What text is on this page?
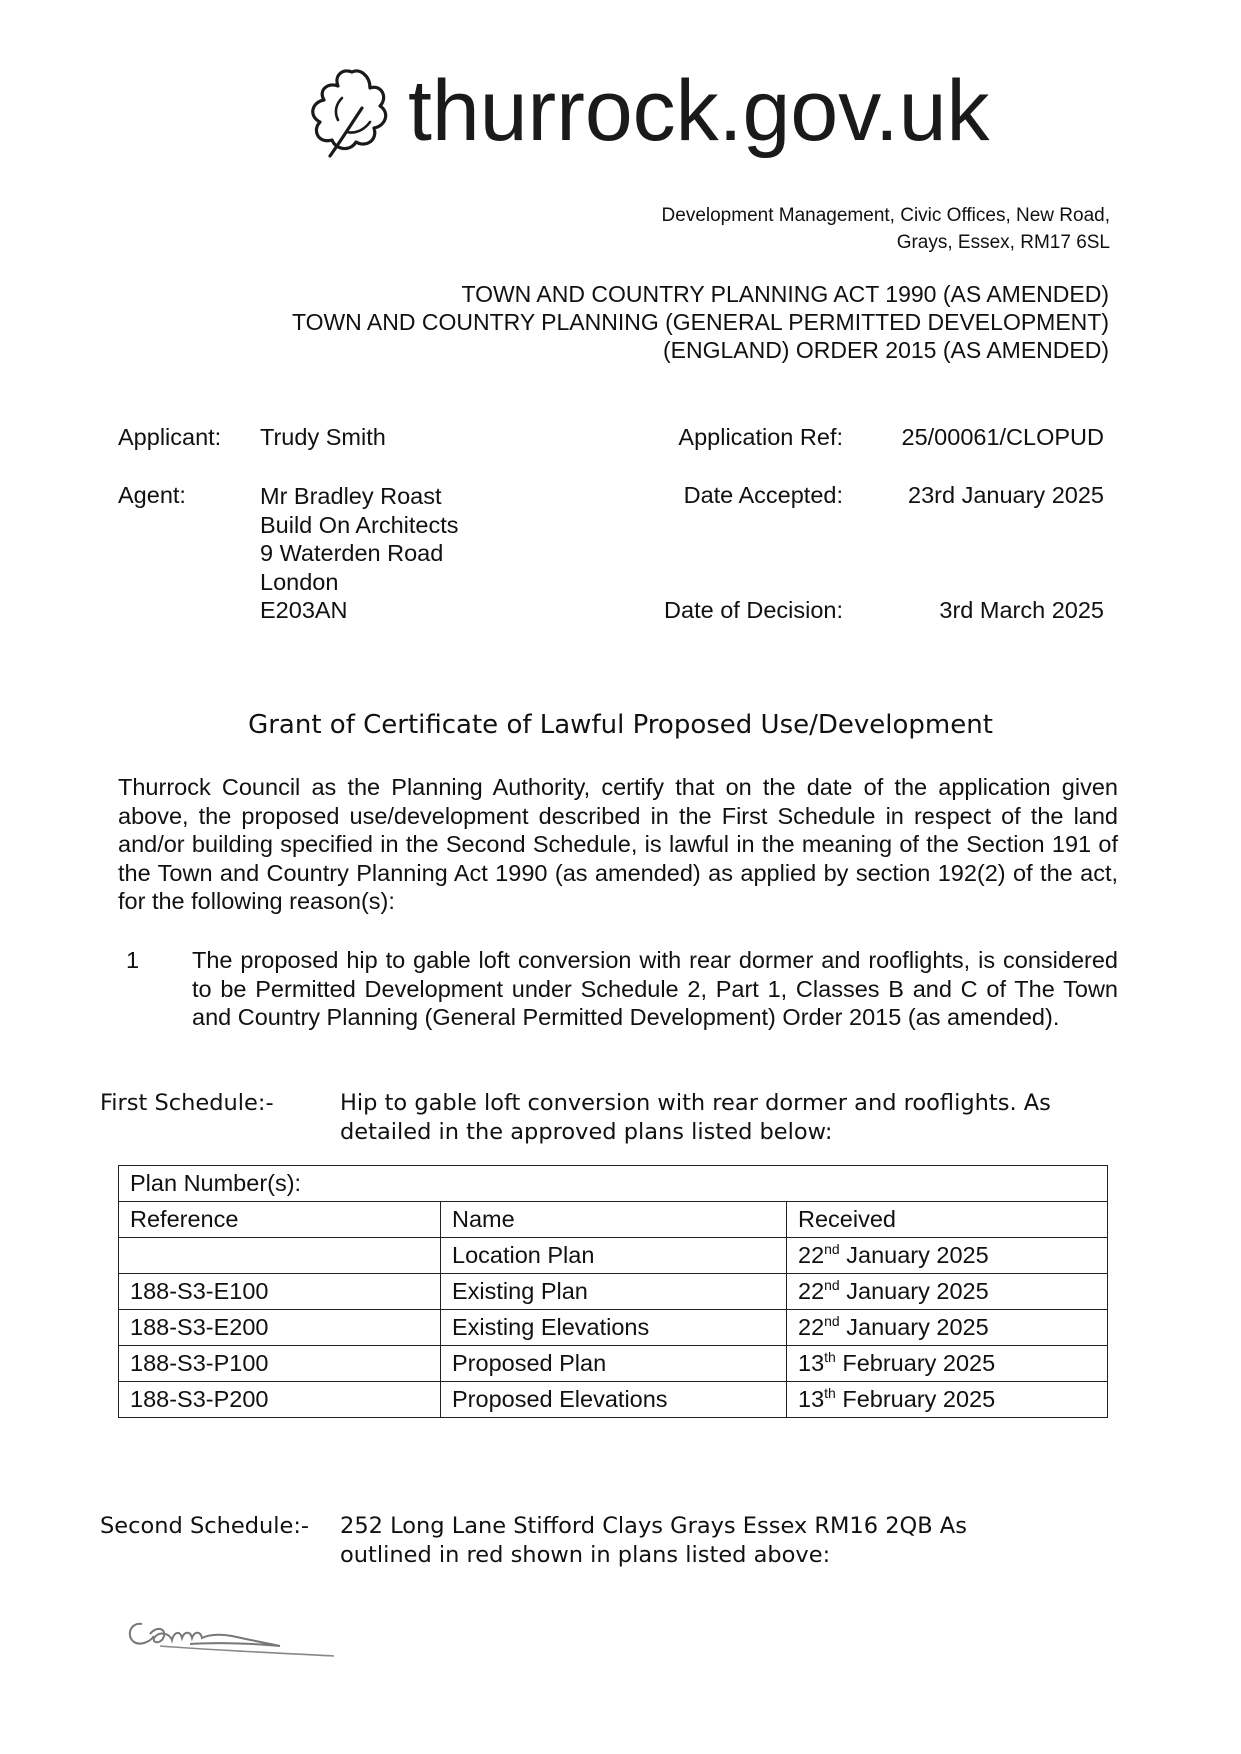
thurrock.gov.uk
Development Management, Civic Offices, New Road,
Grays, Essex, RM17 6SL
TOWN AND COUNTRY PLANNING ACT 1990 (AS AMENDED)
TOWN AND COUNTRY PLANNING (GENERAL PERMITTED DEVELOPMENT)
(ENGLAND) ORDER 2015 (AS AMENDED)
Applicant: Trudy Smith
Agent:	Mr Bradley Roast
Build On Architects
9 Waterden Road
London
E203AN
Application Ref: 25/00061/CLOPUD
Date Accepted:	23rd January 2025
Date of Decision:	3rd March 2025
Grant of Certificate of Lawful Proposed Use/Development
Thurrock Council as the Planning Authority, certify that on the date of the application given above, the proposed use/development described in the First Schedule in respect of the land and/or building specified in the Second Schedule, is lawful in the meaning of the Section 191 of the Town and Country Planning Act 1990 (as amended) as applied by section 192(2) of the act, for the following reason(s):
1 The proposed hip to gable loft conversion with rear dormer and rooflights, is considered to be Permitted Development under Schedule 2, Part 1, Classes B and C of The Town and Country Planning (General Permitted Development) Order 2015 (as amended).
First Schedule:-	Hip to gable loft conversion with rear dormer and rooflights. As
detailed in the approved plans listed below:
Plan Number(s):		
Reference	Name	Received
	Location Plan	22nd January 2025
188-S3-E100	Existing Plan	22nd January 2025
188-S3-E200	Existing Elevations	22nd January 2025
188-S3-P100	Proposed Plan	13th February 2025
188-S3-P200	Proposed Elevations	13th February 2025
Second Schedule:- 252 Long Lane Stifford Clays Grays Essex RM16 2QB As
outlined in red shown in plans listed above:
